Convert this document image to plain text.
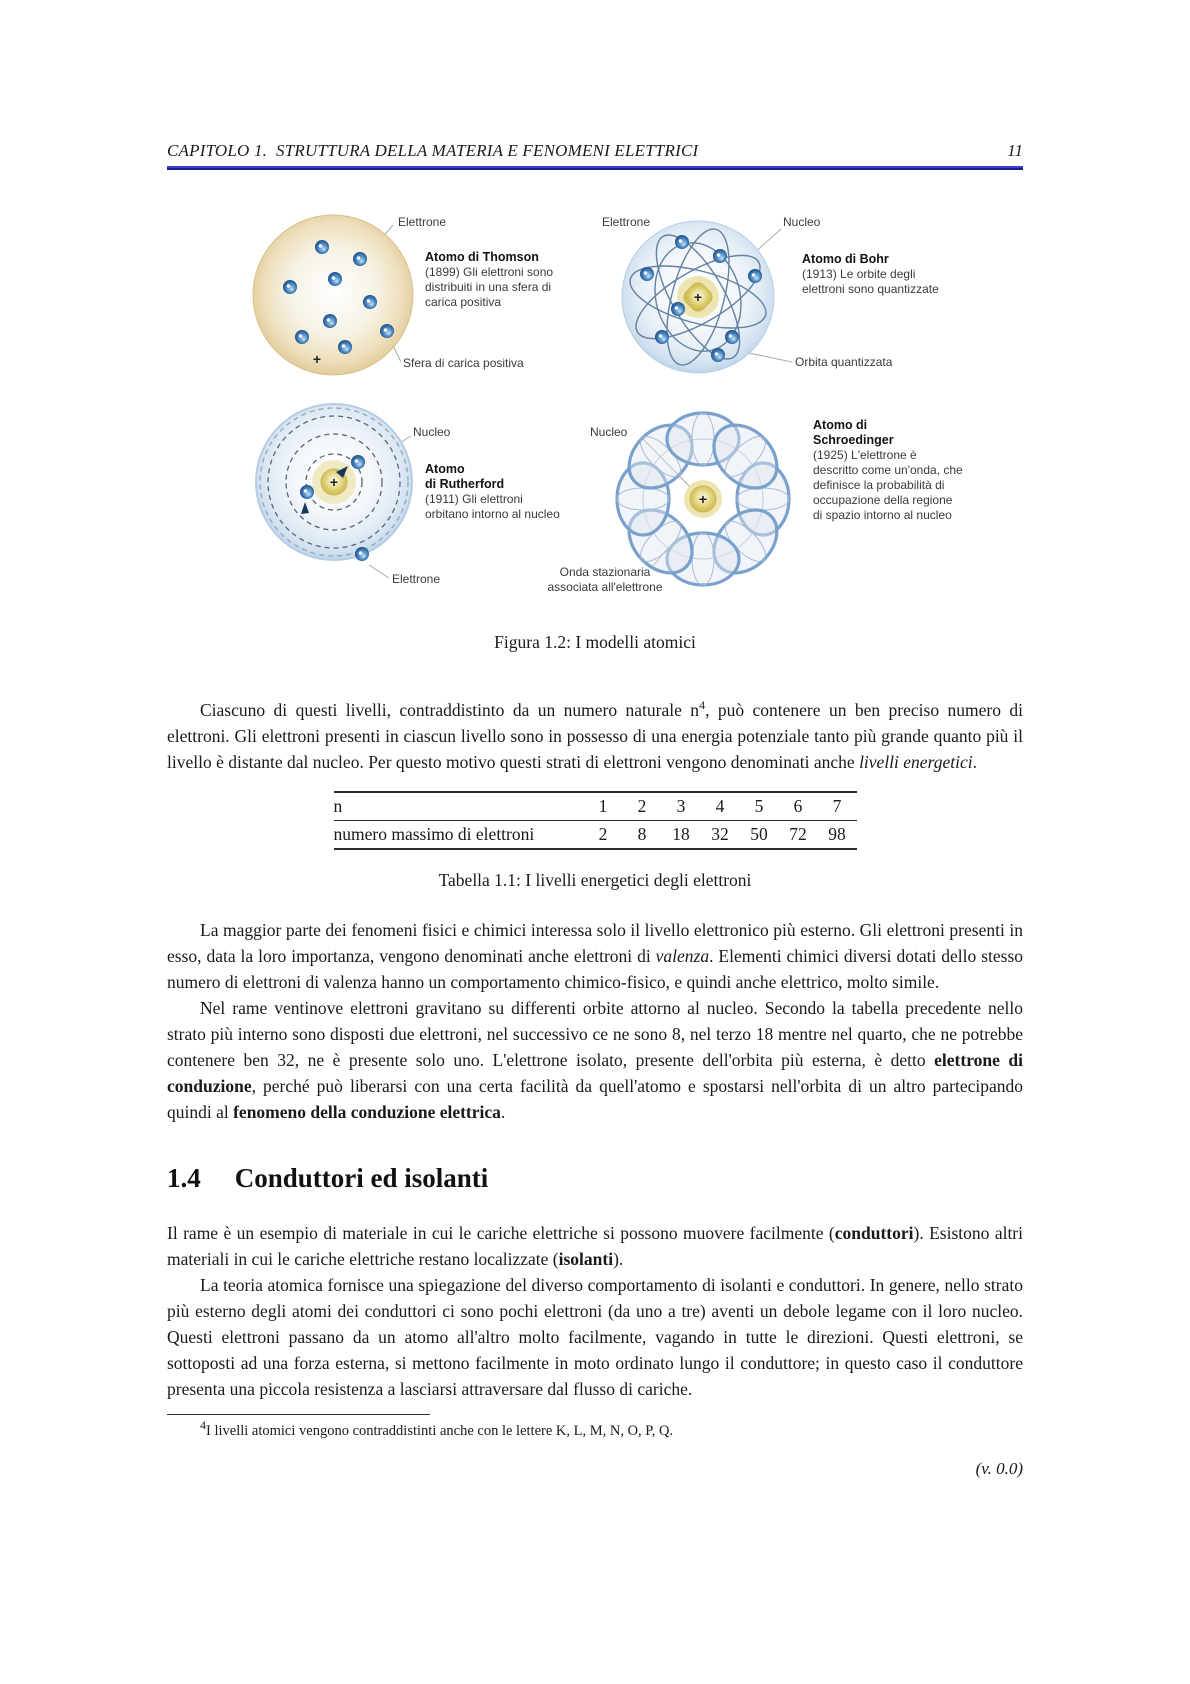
CAPITOLO 1.  STRUTTURA DELLA MATERIA E FENOMENI ELETTRICI	11
+
+
+
+
Elettrone
Atomo di Thomson
(1899) Gli elettroni sono distribuiti in una sfera di carica positiva
Sfera di carica positiva
Elettrone	Nucleo
Atomo di Bohr
(1913) Le orbite degli elettroni sono quantizzate
Orbita quantizzata
Nucleo
Atomo
di Rutherford
(1911) Gli elettroni orbitano intorno al nucleo
Elettrone
Nucleo	Atomo di
Schroedinger
(1925) L'elettrone è descritto come un'onda, che definisce la probabilità di occupazione della regione di spazio intorno al nucleo
Onda stazionaria
associata all'elettrone
Figura 1.2: I modelli atomici

Ciascuno di questi livelli, contraddistinto da un numero naturale $n^4$, può contenere un ben preciso numero di elettroni. Gli elettroni presenti in ciascun livello sono in possesso di una energia potenziale tanto più grande quanto più il livello è distante dal nucleo. Per questo motivo questi strati di elettroni vengono denominati anche livelli energetici.

n	1	2	3	4	5	6	7
numero massimo di elettroni	2	8	18	32	50	72	98
Tabella 1.1: I livelli energetici degli elettroni

La maggior parte dei fenomeni fisici e chimici interessa solo il livello elettronico più esterno. Gli elettroni presenti in esso, data la loro importanza, vengono denominati anche elettroni di valenza. Elementi chimici diversi dotati dello stesso numero di elettroni di valenza hanno un comportamento chimico-fisico, e quindi anche elettrico, molto simile.

Nel rame ventinove elettroni gravitano su differenti orbite attorno al nucleo. Secondo la tabella precedente nello strato più interno sono disposti due elettroni, nel successivo ce ne sono 8, nel terzo 18 mentre nel quarto, che ne potrebbe contenere ben 32, ne è presente solo uno. L'elettrone isolato, presente dell'orbita più esterna, è detto elettrone di conduzione, perché può liberarsi con una certa facilità da quell'atomo e spostarsi nell'orbita di un altro partecipando quindi al fenomeno della conduzione elettrica.

1.4 Conduttori ed isolanti

Il rame è un esempio di materiale in cui le cariche elettriche si possono muovere facilmente (conduttori). Esistono altri materiali in cui le cariche elettriche restano localizzate (isolanti).

La teoria atomica fornisce una spiegazione del diverso comportamento di isolanti e conduttori. In genere, nello strato più esterno degli atomi dei conduttori ci sono pochi elettroni (da uno a tre) aventi un debole legame con il loro nucleo. Questi elettroni passano da un atomo all'altro molto facilmente, vagando in tutte le direzioni. Questi elettroni, se sottoposti ad una forza esterna, si mettono facilmente in moto ordinato lungo il conduttore; in questo caso il conduttore presenta una piccola resistenza a lasciarsi attraversare dal flusso di cariche.

$^4$I livelli atomici vengono contraddistinti anche con le lettere K, L, M, N, O, P, Q.
(v. 0.0)
